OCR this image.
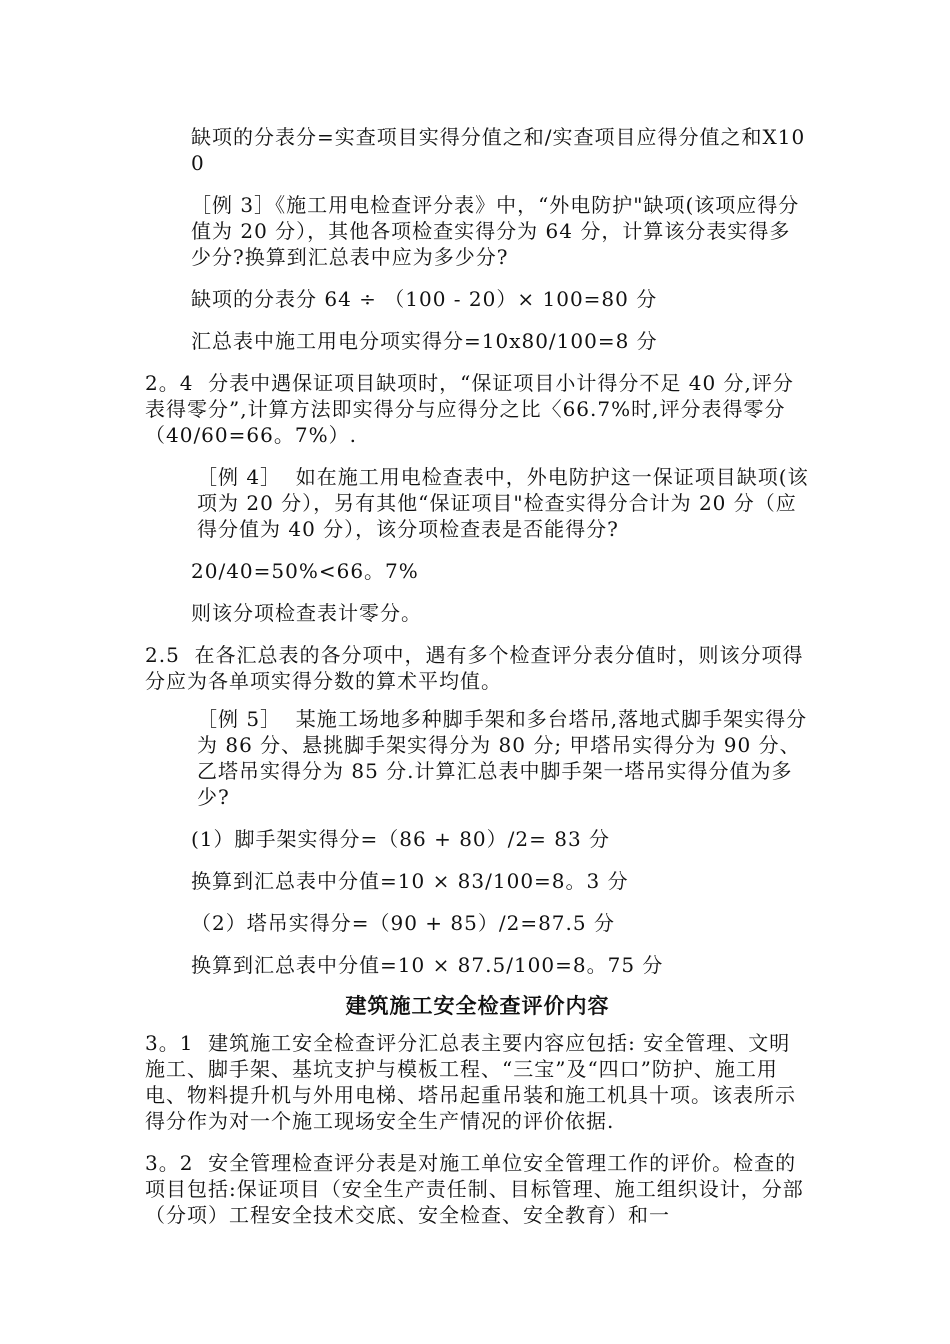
缺项的分表分=实查项目实得分值之和/实查项目应得分值之和X100

［例 3］《施工用电检查评分表》中，“外电防护"缺项(该项应得分值为 20 分），其他各项检查实得分为 64 分，计算该分表实得多少分?换算到汇总表中应为多少分?

缺项的分表分 64 ÷ （100 - 20）× 100=80 分

汇总表中施工用电分项实得分=10x80/100=8 分

2。4  分表中遇保证项目缺项时，“保证项目小计得分不足 40 分,评分表得零分”,计算方法即实得分与应得分之比〈66.7%时,评分表得零分（40/60=66。7%）.

［例 4］  如在施工用电检查表中，外电防护这一保证项目缺项(该项为 20 分），另有其他“保证项目"检查实得分合计为 20 分（应得分值为 40 分），该分项检查表是否能得分?

20/40=50%<66。7%

则该分项检查表计零分。

2.5  在各汇总表的各分项中，遇有多个检查评分表分值时，则该分项得分应为各单项实得分数的算术平均值。

［例 5］  某施工场地多种脚手架和多台塔吊,落地式脚手架实得分为 86 分、悬挑脚手架实得分为 80 分; 甲塔吊实得分为 90 分、乙塔吊实得分为 85 分.计算汇总表中脚手架一塔吊实得分值为多少?

(1）脚手架实得分=（86 + 80）/2= 83 分

换算到汇总表中分值=10 × 83/100=8。3 分

（2）塔吊实得分=（90 + 85）/2=87.5 分

换算到汇总表中分值=10 × 87.5/100=8。75 分

建筑施工安全检查评价内容

3。1  建筑施工安全检查评分汇总表主要内容应包括: 安全管理、文明施工、脚手架、基坑支护与模板工程、“三宝”及“四口”防护、施工用电、物料提升机与外用电梯、塔吊起重吊装和施工机具十项。该表所示得分作为对一个施工现场安全生产情况的评价依据.

3。2  安全管理检查评分表是对施工单位安全管理工作的评价。检查的项目包括:保证项目（安全生产责任制、目标管理、施工组织设计，分部（分项）工程安全技术交底、安全检查、安全教育）和一
